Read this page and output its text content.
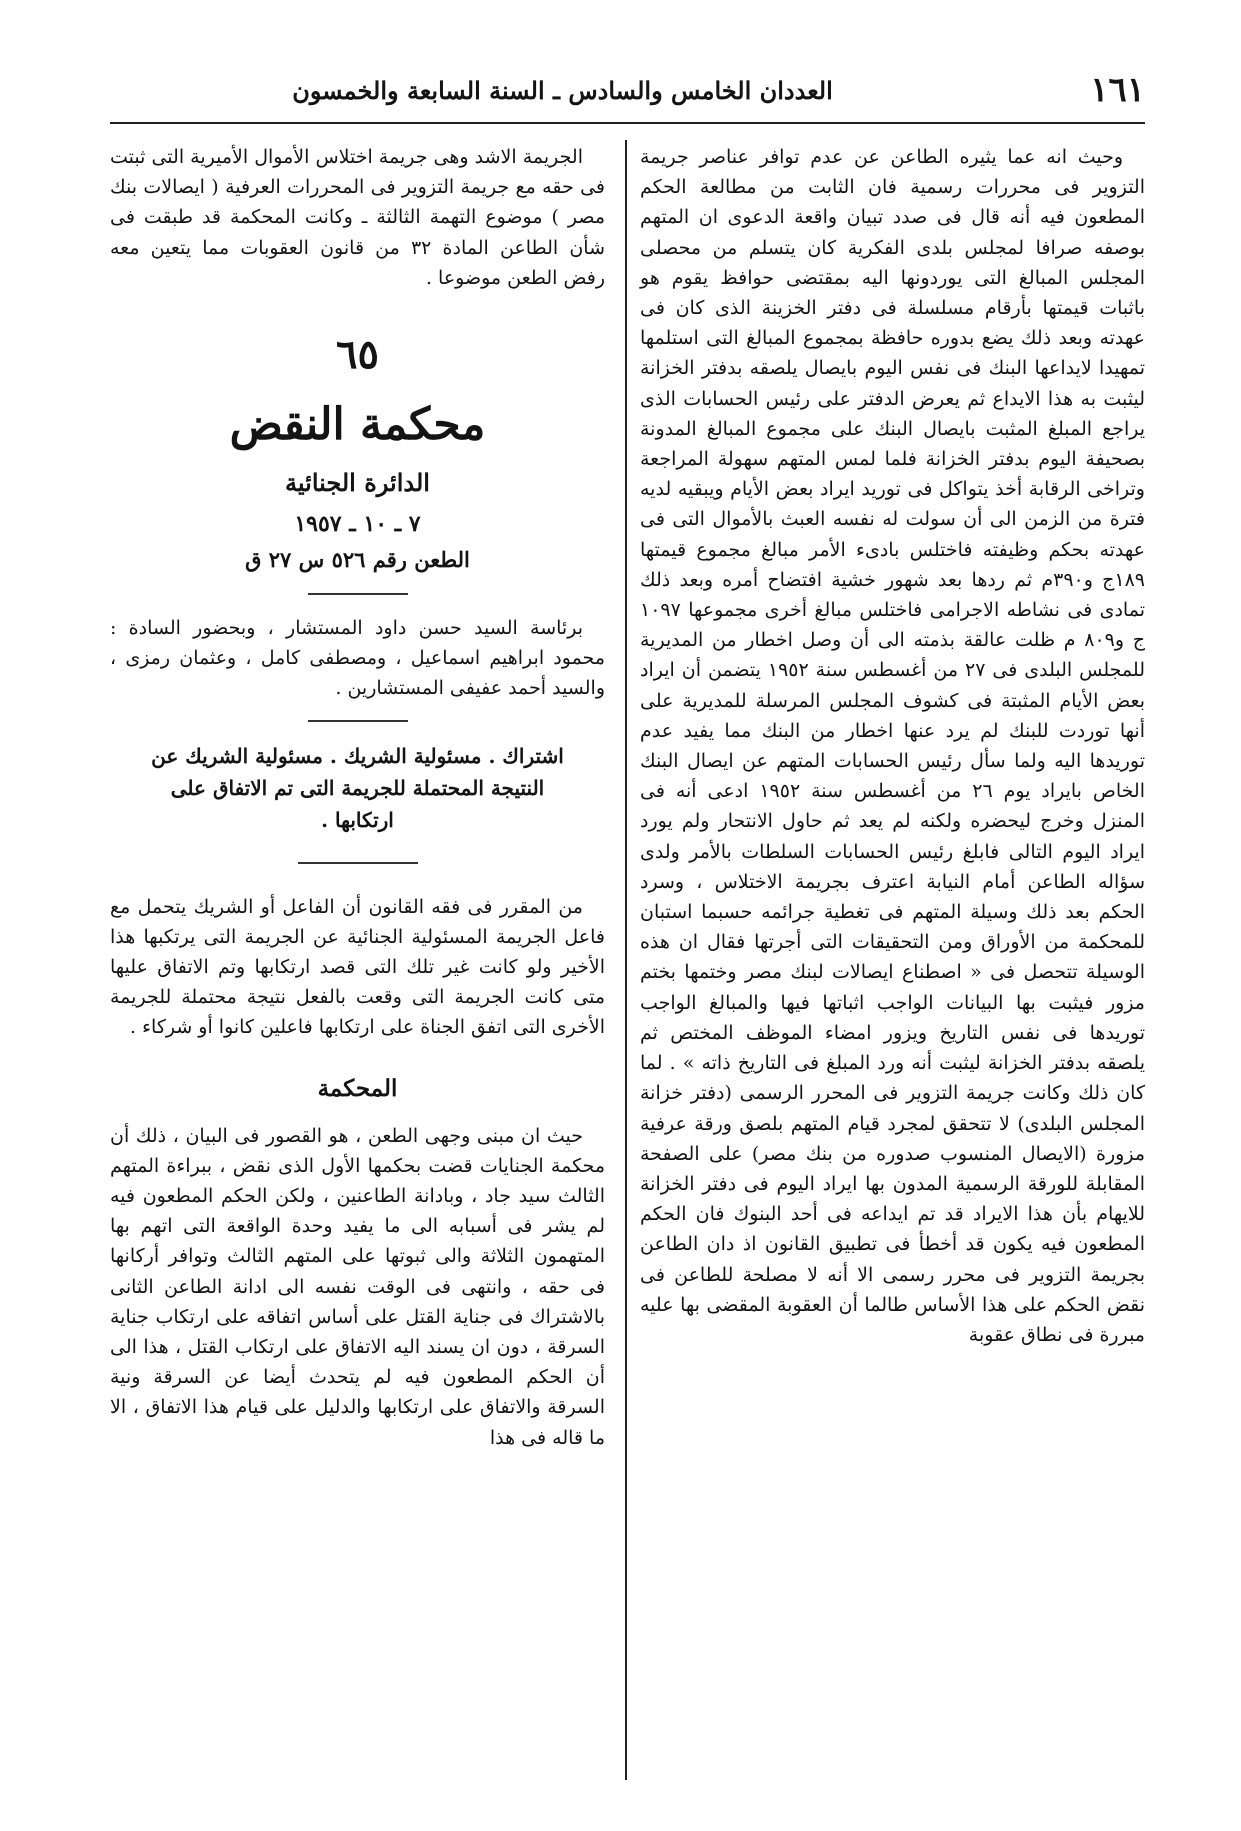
١٦١
العددان الخامس والسادس ـ السنة السابعة والخمسون

وحيث انه عما يثيره الطاعن عن عدم توافر عناصر جريمة التزوير فى محررات رسمية فان الثابت من مطالعة الحكم المطعون فيه أنه قال فى صدد تبيان واقعة الدعوى ان المتهم بوصفه صرافا لمجلس بلدى الفكرية كان يتسلم من محصلى المجلس المبالغ التى يوردونها اليه بمقتضى حوافظ يقوم هو باثبات قيمتها بأرقام مسلسلة فى دفتر الخزينة الذى كان فى عهدته وبعد ذلك يضع بدوره حافظة بمجموع المبالغ التى استلمها تمهيدا لايداعها البنك فى نفس اليوم بايصال يلصقه بدفتر الخزانة ليثبت به هذا الايداع ثم يعرض الدفتر على رئيس الحسابات الذى يراجع المبلغ المثبت بايصال البنك على مجموع المبالغ المدونة بصحيفة اليوم بدفتر الخزانة فلما لمس المتهم سهولة المراجعة وتراخى الرقابة أخذ يتواكل فى توريد ايراد بعض الأيام ويبقيه لديه فترة من الزمن الى أن سولت له نفسه العبث بالأموال التى فى عهدته بحكم وظيفته فاختلس بادىء الأمر مبالغ مجموع قيمتها ١٨٩ج و٣٩٠م ثم ردها بعد شهور خشية افتضاح أمره وبعد ذلك تمادى فى نشاطه الاجرامى فاختلس مبالغ أخرى مجموعها ١٠٩٧ ج و٨٠٩ م ظلت عالقة بذمته الى أن وصل اخطار من المديرية للمجلس البلدى فى ٢٧ من أغسطس سنة ١٩٥٢ يتضمن أن ايراد بعض الأيام المثبتة فى كشوف المجلس المرسلة للمديرية على أنها توردت للبنك لم يرد عنها اخطار من البنك مما يفيد عدم توريدها اليه ولما سأل رئيس الحسابات المتهم عن ايصال البنك الخاص بايراد يوم ٢٦ من أغسطس سنة ١٩٥٢ ادعى أنه فى المنزل وخرج ليحضره ولكنه لم يعد ثم حاول الانتحار ولم يورد ايراد اليوم التالى فابلغ رئيس الحسابات السلطات بالأمر ولدى سؤاله الطاعن أمام النيابة اعترف بجريمة الاختلاس ، وسرد الحكم بعد ذلك وسيلة المتهم فى تغطية جرائمه حسبما استبان للمحكمة من الأوراق ومن التحقيقات التى أجرتها فقال ان هذه الوسيلة تتحصل فى « اصطناع ايصالات لبنك مصر وختمها بختم مزور فيثبت بها البيانات الواجب اثباتها فيها والمبالغ الواجب توريدها فى نفس التاريخ ويزور امضاء الموظف المختص ثم يلصقه بدفتر الخزانة ليثبت أنه ورد المبلغ فى التاريخ ذاته » . لما كان ذلك وكانت جريمة التزوير فى المحرر الرسمى (دفتر خزانة المجلس البلدى) لا تتحقق لمجرد قيام المتهم بلصق ورقة عرفية مزورة (الايصال المنسوب صدوره من بنك مصر) على الصفحة المقابلة للورقة الرسمية المدون بها ايراد اليوم فى دفتر الخزانة للايهام بأن هذا الايراد قد تم ايداعه فى أحد البنوك فان الحكم المطعون فيه يكون قد أخطأ فى تطبيق القانون اذ دان الطاعن بجريمة التزوير فى محرر رسمى الا أنه لا مصلحة للطاعن فى نقض الحكم على هذا الأساس طالما أن العقوبة المقضى بها عليه مبررة فى نطاق عقوبة

الجريمة الاشد وهى جريمة اختلاس الأموال الأميرية التى ثبتت فى حقه مع جريمة التزوير فى المحررات العرفية ( ايصالات بنك مصر ) موضوع التهمة الثالثة ـ وكانت المحكمة قد طبقت فى شأن الطاعن المادة ٣٢ من قانون العقوبات مما يتعين معه رفض الطعن موضوعا .

٦٥
محكمة النقض
الدائرة الجنائية
٧ ـ ١٠ ـ ١٩٥٧
الطعن رقم ٥٢٦ س ٢٧ ق

برئاسة السيد حسن داود المستشار ، وبحضور السادة : محمود ابراهيم اسماعيل ، ومصطفى كامل ، وعثمان رمزى ، والسيد أحمد عفيفى المستشارين .

اشتراك . مسئولية الشريك . مسئولية الشريك عن النتيجة المحتملة للجريمة التى تم الاتفاق على ارتكابها .

من المقرر فى فقه القانون أن الفاعل أو الشريك يتحمل مع فاعل الجريمة المسئولية الجنائية عن الجريمة التى يرتكبها هذا الأخير ولو كانت غير تلك التى قصد ارتكابها وتم الاتفاق عليها متى كانت الجريمة التى وقعت بالفعل نتيجة محتملة للجريمة الأخرى التى اتفق الجناة على ارتكابها فاعلين كانوا أو شركاء .

المحكمة

حيث ان مبنى وجهى الطعن ، هو القصور فى البيان ، ذلك أن محكمة الجنايات قضت بحكمها الأول الذى نقض ، ببراءة المتهم الثالث سيد جاد ، وبادانة الطاعنين ، ولكن الحكم المطعون فيه لم يشر فى أسبابه الى ما يفيد وحدة الواقعة التى اتهم بها المتهمون الثلاثة والى ثبوتها على المتهم الثالث وتوافر أركانها فى حقه ، وانتهى فى الوقت نفسه الى ادانة الطاعن الثانى بالاشتراك فى جناية القتل على أساس اتفاقه على ارتكاب جناية السرقة ، دون ان يسند اليه الاتفاق على ارتكاب القتل ، هذا الى أن الحكم المطعون فيه لم يتحدث أيضا عن السرقة ونية السرقة والاتفاق على ارتكابها والدليل على قيام هذا الاتفاق ، الا ما قاله فى هذا
